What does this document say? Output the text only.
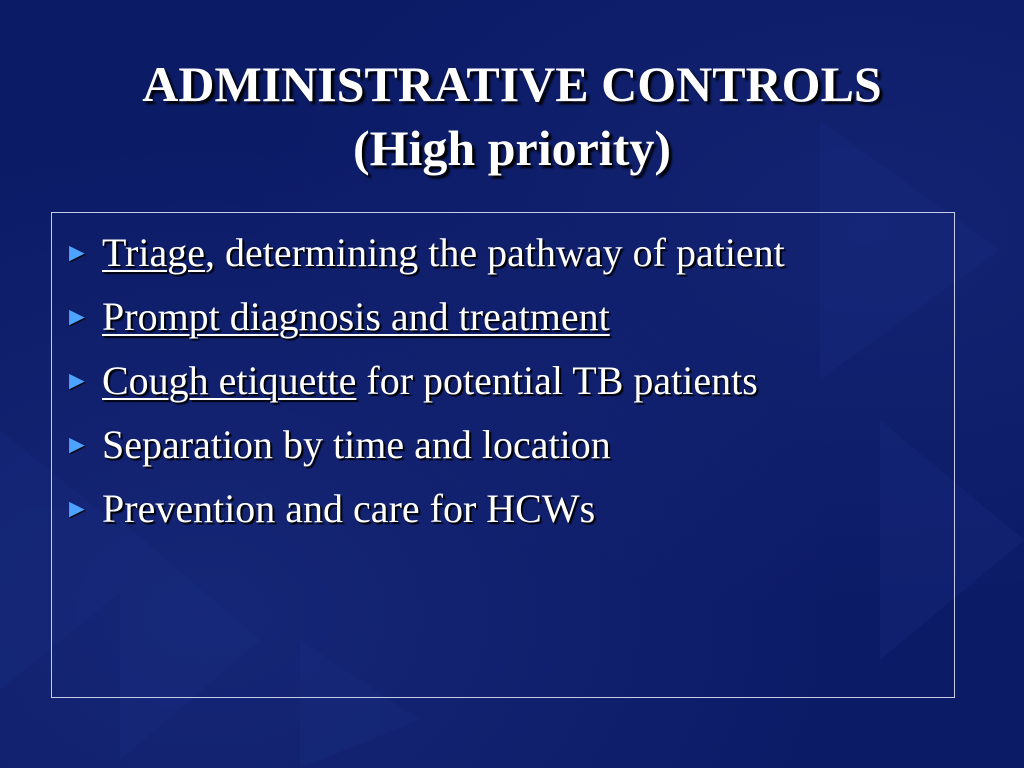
ADMINISTRATIVE CONTROLS
(High priority)
► Triage, determining the pathway of patient
► Prompt diagnosis and treatment
► Cough etiquette for potential TB patients
► Separation by time and location
► Prevention and care for HCWs
